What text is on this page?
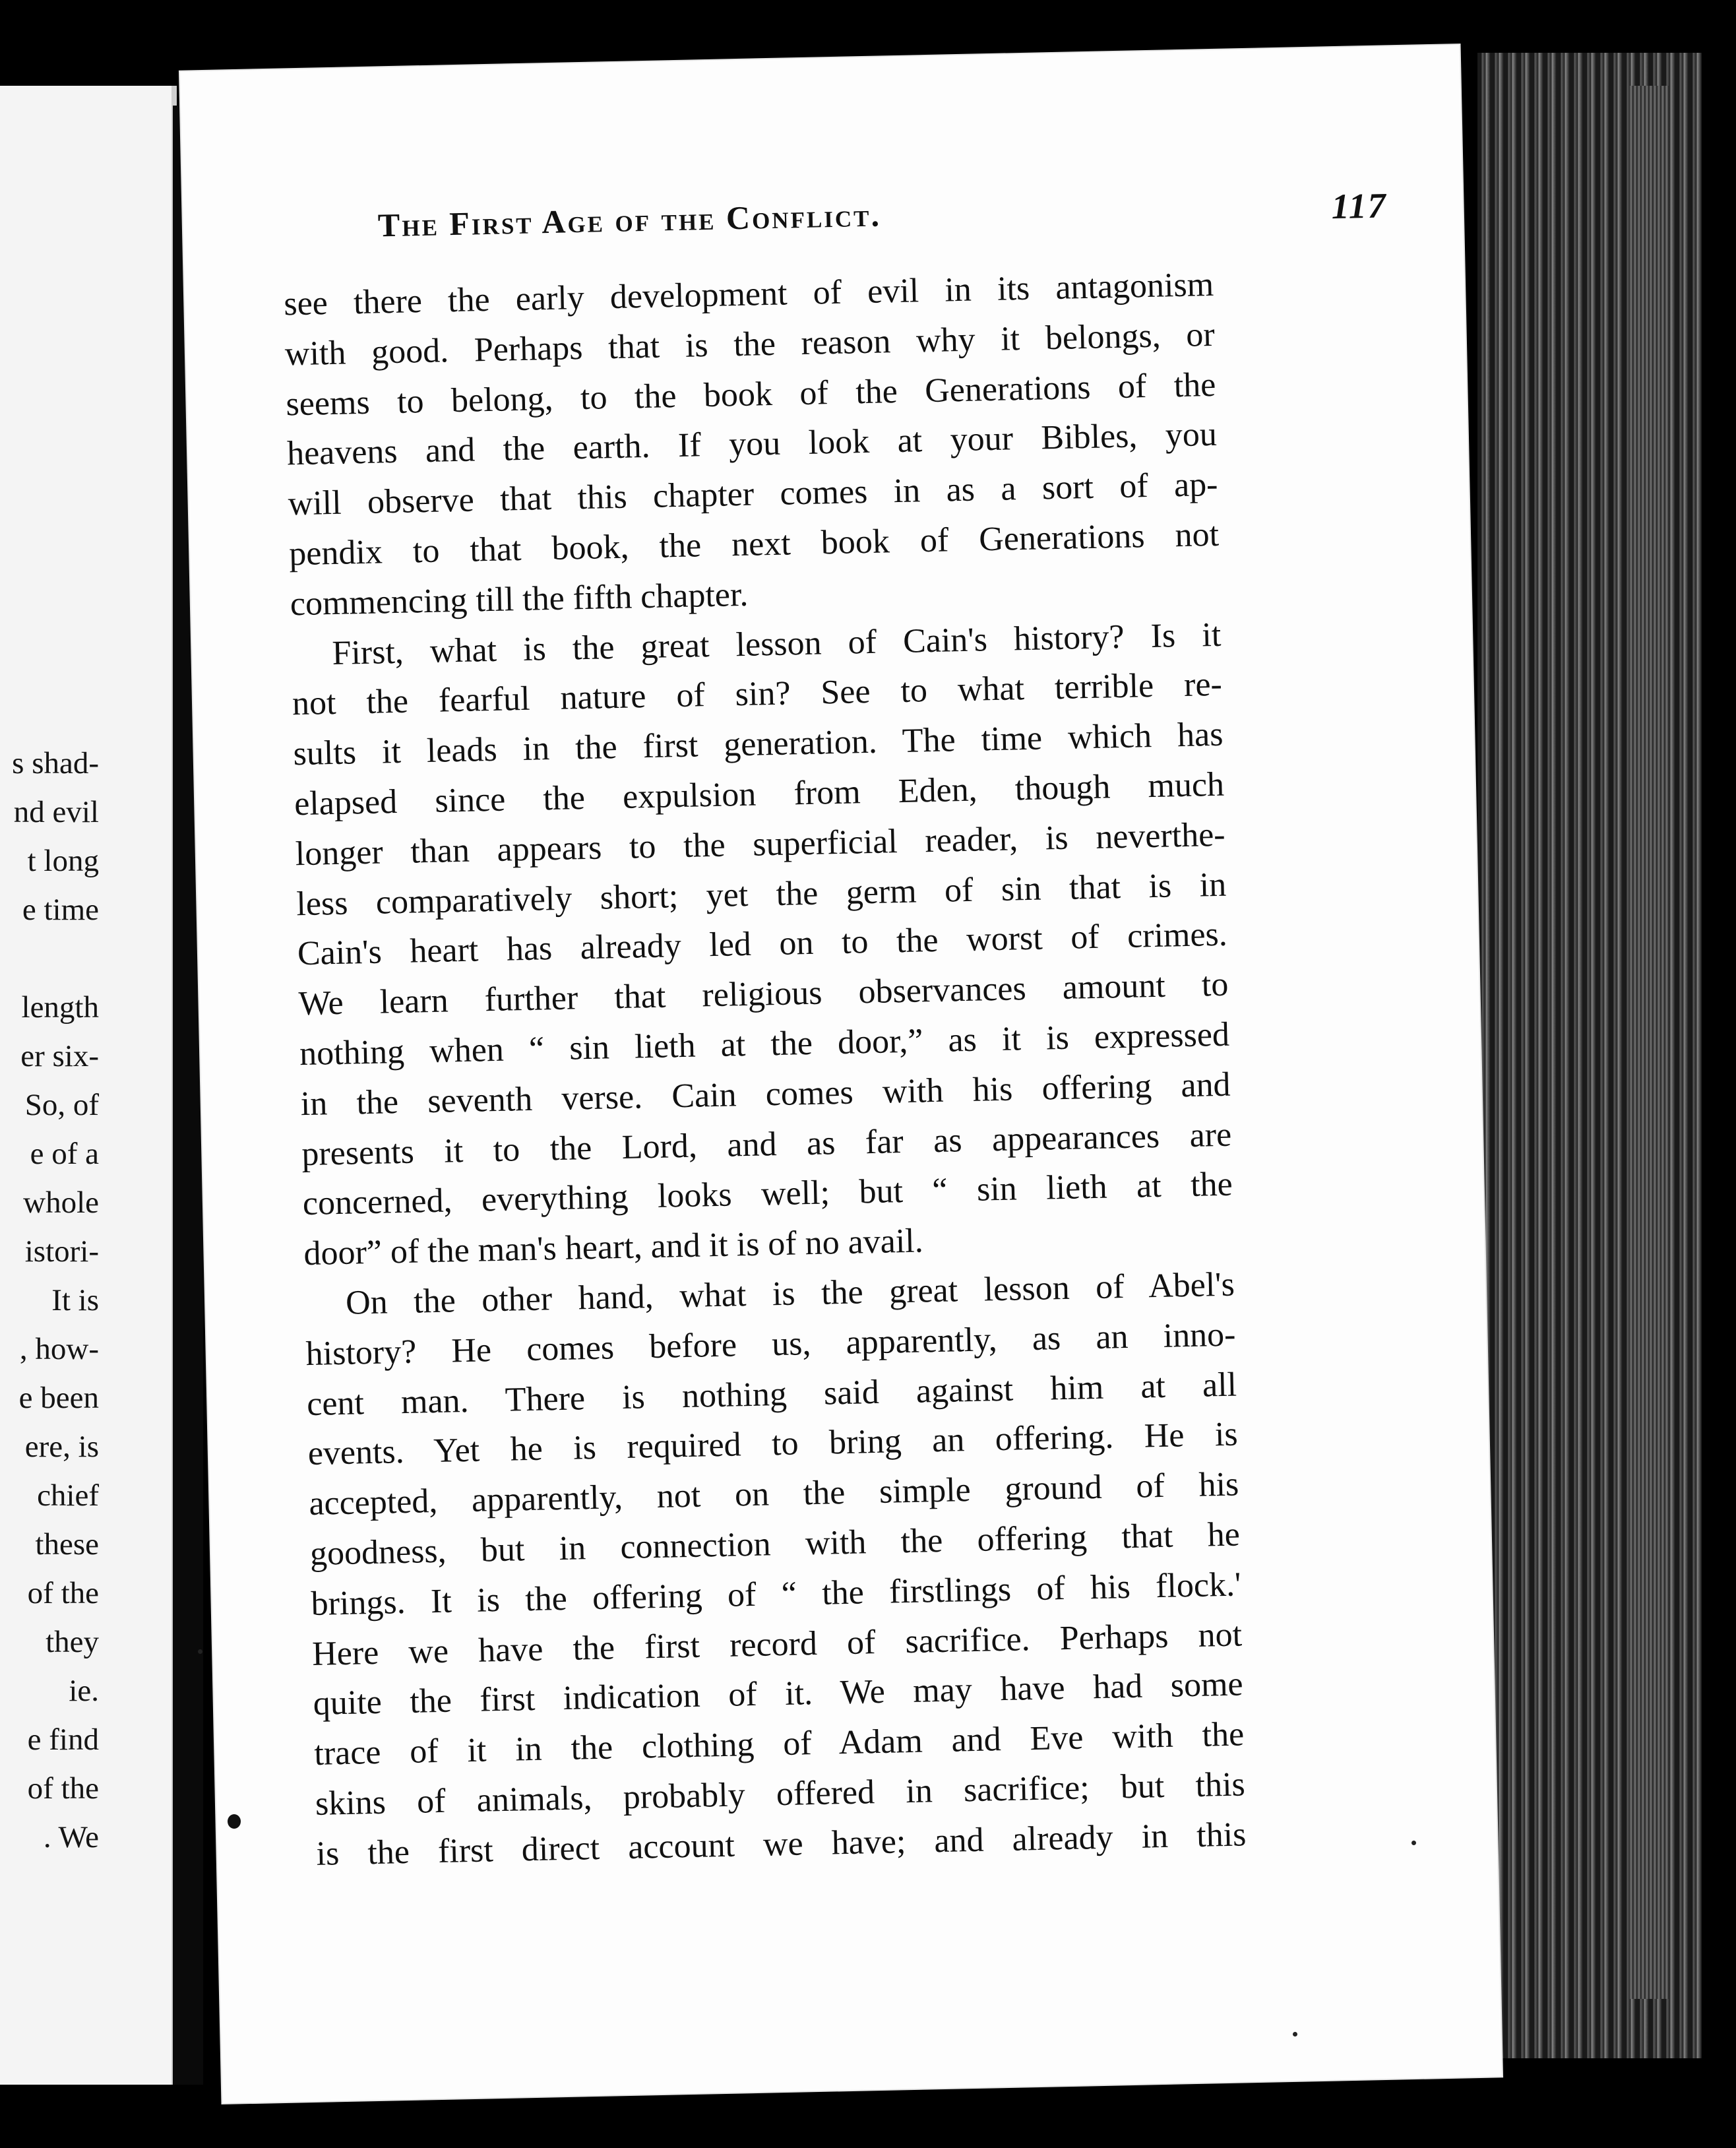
s shad-
nd evil
t long
e time
length
er six-
So, of
e of a
whole
istori-
It is
, how-
e been
ere, is
chief
these
of the
they
ie.
e find
of the
. We
The First Age of the Conflict.	117
see there the early development of evil in its antagonism
with good. Perhaps that is the reason why it belongs, or
seems to belong, to the book of the Generations of the
heavens and the earth. If you look at your Bibles, you
will observe that this chapter comes in as a sort of ap-
pendix to that book, the next book of Generations not
commencing till the fifth chapter.
First, what is the great lesson of Cain's history? Is it
not the fearful nature of sin? See to what terrible re-
sults it leads in the first generation. The time which has
elapsed since the expulsion from Eden, though much
longer than appears to the superficial reader, is neverthe-
less comparatively short; yet the germ of sin that is in
Cain's heart has already led on to the worst of crimes.
We learn further that religious observances amount to
nothing when “ sin lieth at the door,” as it is expressed
in the seventh verse. Cain comes with his offering and
presents it to the Lord, and as far as appearances are
concerned, everything looks well; but “ sin lieth at the
door” of the man's heart, and it is of no avail.
On the other hand, what is the great lesson of Abel's
history? He comes before us, apparently, as an inno-
cent man. There is nothing said against him at all
events. Yet he is required to bring an offering. He is
accepted, apparently, not on the simple ground of his
goodness, but in connection with the offering that he
brings. It is the offering of “ the firstlings of his flock.'
Here we have the first record of sacrifice. Perhaps not
quite the first indication of it. We may have had some
trace of it in the clothing of Adam and Eve with the
skins of animals, probably offered in sacrifice; but this
is the first direct account we have; and already in this
